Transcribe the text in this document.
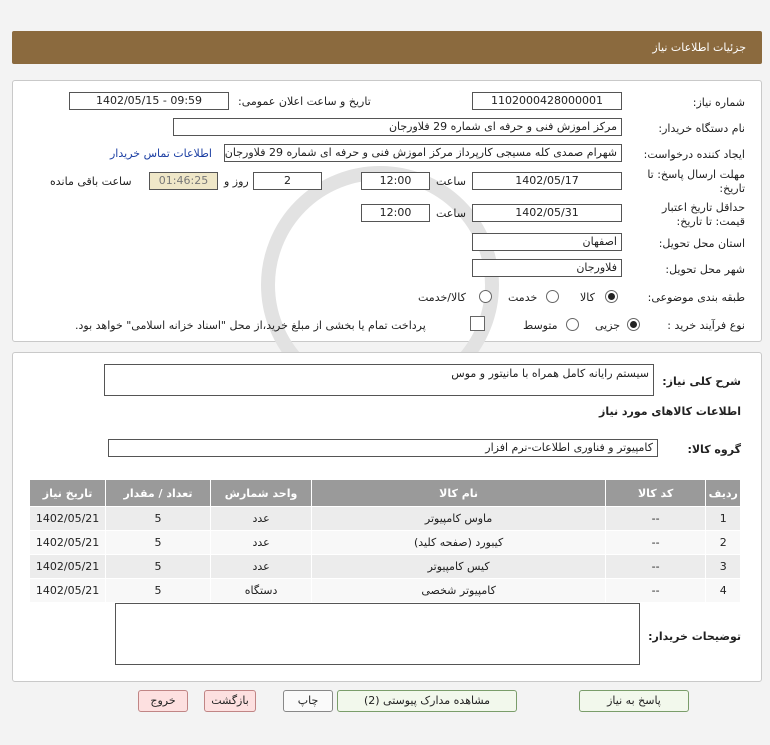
جزئیات اطلاعات نیاز
شماره نیاز:
1102000428000001
تاریخ و ساعت اعلان عمومی:
1402/05/15 - 09:59
نام دستگاه خریدار:
مرکز اموزش فنی و حرفه ای شماره 29 فلاورجان
ایجاد کننده درخواست:
شهرام صمدی کله مسیجی کارپرداز مرکز اموزش فنی و حرفه ای شماره 29 فلاورجان
اطلاعات تماس خریدار
مهلت ارسال پاسخ: تا
تاریخ:
1402/05/17
ساعت
12:00
2
روز و
01:46:25
ساعت باقی مانده
حداقل تاریخ اعتبار
قیمت: تا تاریخ:
1402/05/31
ساعت
12:00
استان محل تحویل:
اصفهان
شهر محل تحویل:
فلاورجان
طبقه بندی موضوعی:
کالا
خدمت
کالا/خدمت
نوع فرآیند خرید :
جزیی
متوسط
پرداخت تمام یا بخشی از مبلغ خرید،از محل "اسناد خزانه اسلامی" خواهد بود.
شرح کلی نیاز:
سیستم رایانه کامل همراه با مانیتور و موس
اطلاعات کالاهای مورد نیاز
گروه کالا:
کامپیوتر و فناوری اطلاعات-نرم افزار
تاریخ نیاز	تعداد / مقدار	واحد شمارش	نام کالا	کد کالا	ردیف
1402/05/21	5	عدد	ماوس کامپیوتر	--	1
1402/05/21	5	عدد	کیبورد (صفحه کلید)	--	2
1402/05/21	5	عدد	کیس کامپیوتر	--	3
1402/05/21	5	دستگاه	کامپیوتر شخصی	--	4
توضیحات خریدار:
پاسخ به نیاز
مشاهده مدارک پیوستی (2)
چاپ
بازگشت
خروج
